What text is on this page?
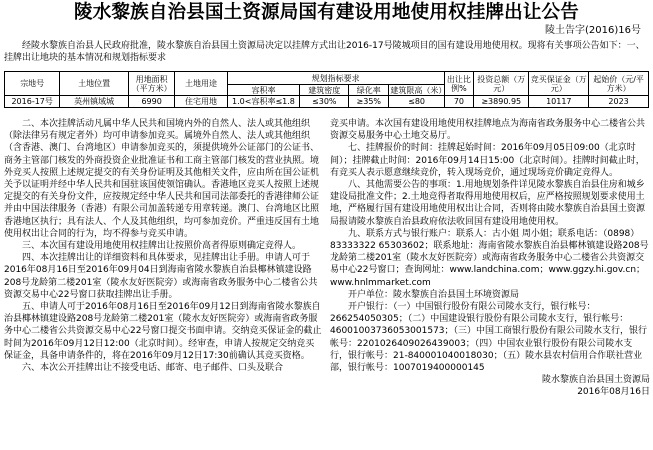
陵水黎族自治县国土资源局国有建设用地使用权挂牌出让公告
陵土告字(2016)16号
经陵水黎族自治县人民政府批准，陵水黎族自治县国土资源局决定以挂牌方式出让2016-17号陵城项目的国有建设用地使用权。现将有关事项公告如下：一、挂牌出让地块的基本情况和规划指标要求
宗地号	土地位置	用地面积（平方米）	土地用途	规划指标要求				出让比例%	投资总额（万元）	竞买保证金（万元）	起始价（元/平方米）
				容积率	建筑密度	绿化率	建筑限高（米）				
2016-17号	英州镇域城	6990	住宅用地	1.0<容积率≤1.8	≤30%	≥35%	≤80	70	≥3890.95	10117	2023

二、本次挂牌活动凡属中华人民共和国境内外的自然人、法人或其他组织（除法律另有规定者外）均可申请参加竞买。属境外自然人、法人或其他组织（含香港、澳门、台湾地区）申请参加竞买的，须提供境外公证部门的公证书、商务主管部门核发的外商投资企业批准证书和工商主管部门核发的营业执照。境外竞买人按照上述规定提交的有关身份证明及其他相关文件，应由所在国公证机关予以证明并经中华人民共和国驻该国使领馆确认。香港地区竞买人按照上述规定提交的有关身份文件，应按规定经中华人民共和国司法部委托的香港律师公证并由中国法律服务（香港）有限公司加盖转递专用章转递。澳门、台湾地区比照香港地区执行；具有法人、个人及其他组织，均可参加竞价。严重违反国有土地使用权出让合同的行为，均不得参与竞买申请。

三、本次国有建设用地使用权挂牌出让按照价高者得原则确定竞得人。

四、本次挂牌出让的详细资料和具体要求，见挂牌出让手册。申请人可于2016年08月16日至2016年09月04日到海南省陵水黎族自治县椰林镇建设路208号龙龄第二楼201室（陵水友好医院旁）或海南省政务服务中心二楼省公共资源交易中心22号窗口获取挂牌出让手册。

五、申请人可于2016年08月16日至2016年09月12日到海南省陵水黎族自治县椰林镇建设路208号龙龄第二楼201室（陵水友好医院旁）或海南省政务服务中心二楼省公共资源交易中心22号窗口提交书面申请。交纳竞买保证金的截止时间为2016年09月12日12:00（北京时间）。经审查，申请人按规定交纳竞买保证金，具备申请条件的，将在2016年09月12日17:30前确认其竞买资格。

六、本次公开挂牌出让不接受电话、邮寄、电子邮件、口头及联合

竞买申请。本次国有建设用地使用权挂牌地点为海南省政务服务中心二楼省公共资源交易服务中心土地交易厅。

七、挂牌报价的时间：挂牌起始时间：2016年09月05日09:00（北京时间）；挂牌截止时间：2016年09月14日15:00（北京时间）。挂牌时间截止时，有竞买人表示愿意继续竞价，转入现场竞价，通过现场竞价确定竞得人。

八、其他需要公告的事项：1.用地规划条件详见陵水黎族自治县住房和城乡建设局批准文件；2.土地竞得者取得用地使用权后，应严格按照规划要求使用土地，严格履行国有建设用地使用权出让合同，否则将由陵水黎族自治县国土资源局报请陵水黎族自治县政府依法收回国有建设用地使用权。

九、联系方式与银行账户：联系人：古小姐 周小姐；联系电话：（0898）83333322 65303602；联系地址：海南省陵水黎族自治县椰林镇建设路208号龙龄第二楼201室（陵水友好医院旁）或海南省政务服务中心二楼省公共资源交易中心22号窗口；查询网址：www.landchina.com；www.ggzy.hi.gov.cn；www.hnlmmarket.com

开户单位：陵水黎族自治县国土环境资源局

开户银行：（一）中国银行股份有限公司陵水支行，银行帐号：266254050305；（二）中国建设银行股份有限公司陵水支行，银行帐号：46001003736053001573；（三）中国工商银行股份有限公司陵水支行，银行帐号：2201026409026439003；（四）中国农业银行股份有限公司陵水支行，银行帐号：21-840001040018030；（五）陵水县农村信用合作联社营业部，银行帐号：1007019400000145

陵水黎族自治县国土资源局

2016年08月16日
